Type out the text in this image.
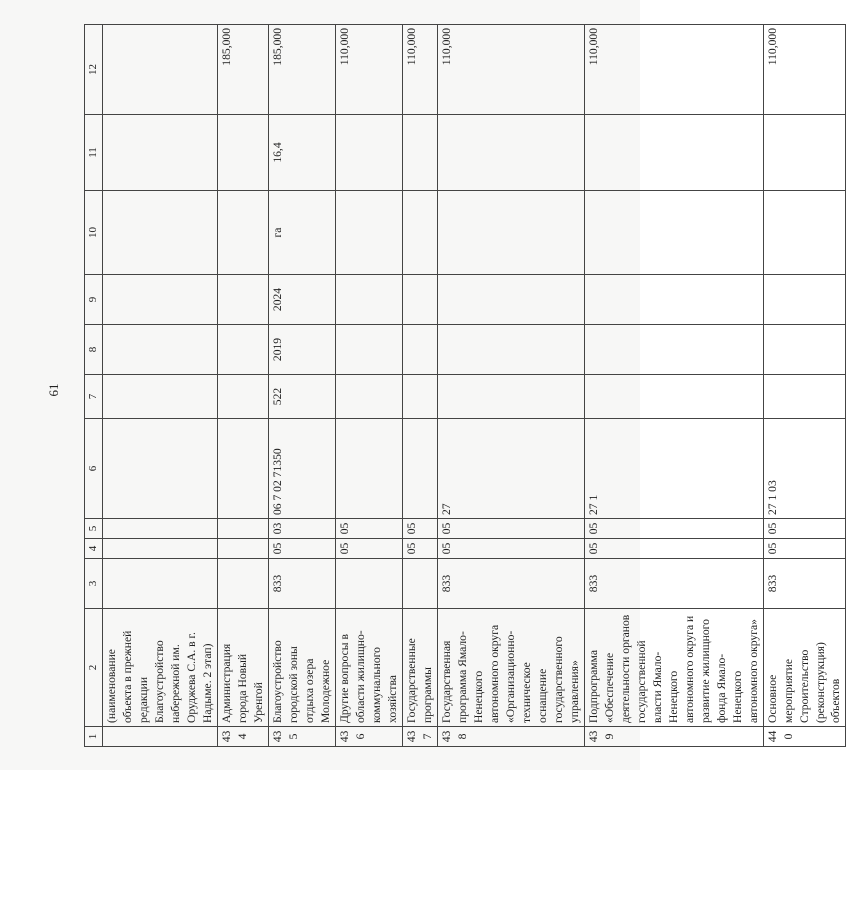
61
1	2	3	4	5	6	7	8	9	10	11	12
	(наименование объекта в прежней редакции Благоустройство набережной им. Оруджева С.А. в г. Надыме. 2 этап)										
434	Администрация города Новый Уренгой										185,000
435	Благоустройство городской зоны отдыха озера Молодежное	833	05	03	06 7 02 71350	522	2019	2024	га	16,4	185,000
436	Другие вопросы в области жилищно-коммунального хозяйства		05	05							110,000
437	Государственные программы		05	05							110,000
438	Государственная программа Ямало-Ненецкого автономного округа «Организационно-техническое оснащение государственного управления»	833	05	05	27						110,000
439	Подпрограмма «Обеспечение деятельности органов государственной власти Ямало-Ненецкого автономного округа и развитие жилищного фонда Ямало-Ненецкого автономного округа»	833	05	05	27 1						110,000
440	Основное мероприятие Строительство (реконструкция) объектов	833	05	05	27 1 03						110,000
